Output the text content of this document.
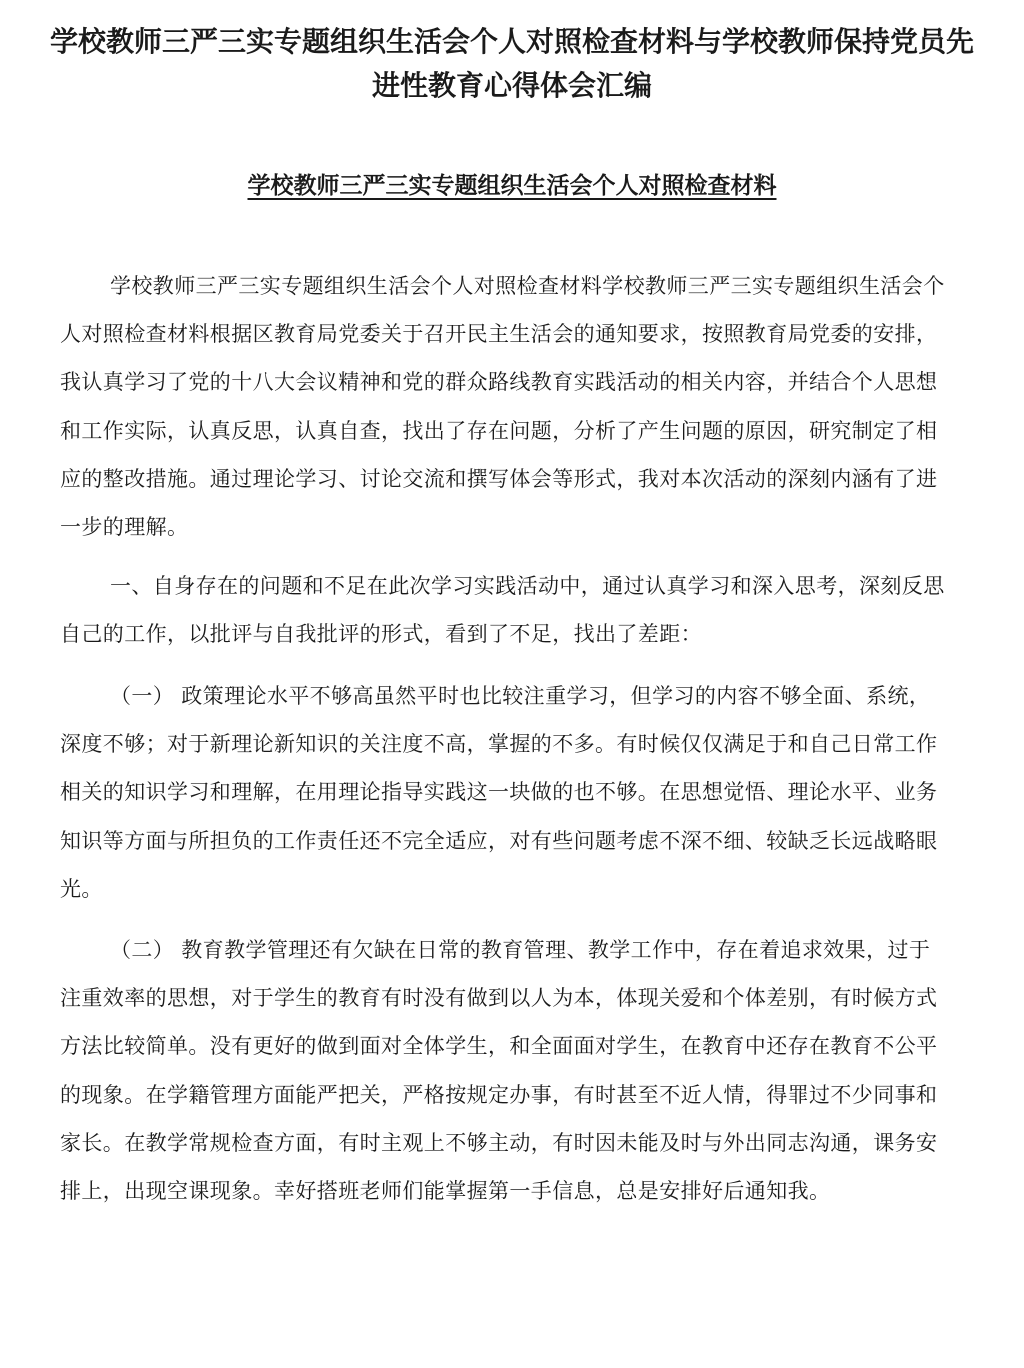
学校教师三严三实专题组织生活会个人对照检查材料与学校教师保持党员先进性教育心得体会汇编
学校教师三严三实专题组织生活会个人对照检查材料

学校教师三严三实专题组织生活会个人对照检查材料学校教师三严三实专题组织生活会个人对照检查材料根据区教育局党委关于召开民主生活会的通知要求，按照教育局党委的安排，我认真学习了党的十八大会议精神和党的群众路线教育实践活动的相关内容，并结合个人思想和工作实际，认真反思，认真自查，找出了存在问题，分析了产生问题的原因，研究制定了相应的整改措施。通过理论学习、讨论交流和撰写体会等形式，我对本次活动的深刻内涵有了进一步的理解。

一、自身存在的问题和不足在此次学习实践活动中，通过认真学习和深入思考，深刻反思自己的工作，以批评与自我批评的形式，看到了不足，找出了差距：

（一） 政策理论水平不够高虽然平时也比较注重学习，但学习的内容不够全面、系统，深度不够；对于新理论新知识的关注度不高，掌握的不多。有时候仅仅满足于和自己日常工作相关的知识学习和理解，在用理论指导实践这一块做的也不够。在思想觉悟、理论水平、业务知识等方面与所担负的工作责任还不完全适应，对有些问题考虑不深不细、较缺乏长远战略眼光。

（二） 教育教学管理还有欠缺在日常的教育管理、教学工作中，存在着追求效果，过于注重效率的思想，对于学生的教育有时没有做到以人为本，体现关爱和个体差别，有时候方式方法比较简单。没有更好的做到面对全体学生，和全面面对学生，在教育中还存在教育不公平的现象。在学籍管理方面能严把关，严格按规定办事，有时甚至不近人情，得罪过不少同事和家长。在教学常规检查方面，有时主观上不够主动，有时因未能及时与外出同志沟通，课务安排上，出现空课现象。幸好搭班老师们能掌握第一手信息，总是安排好后通知我。
